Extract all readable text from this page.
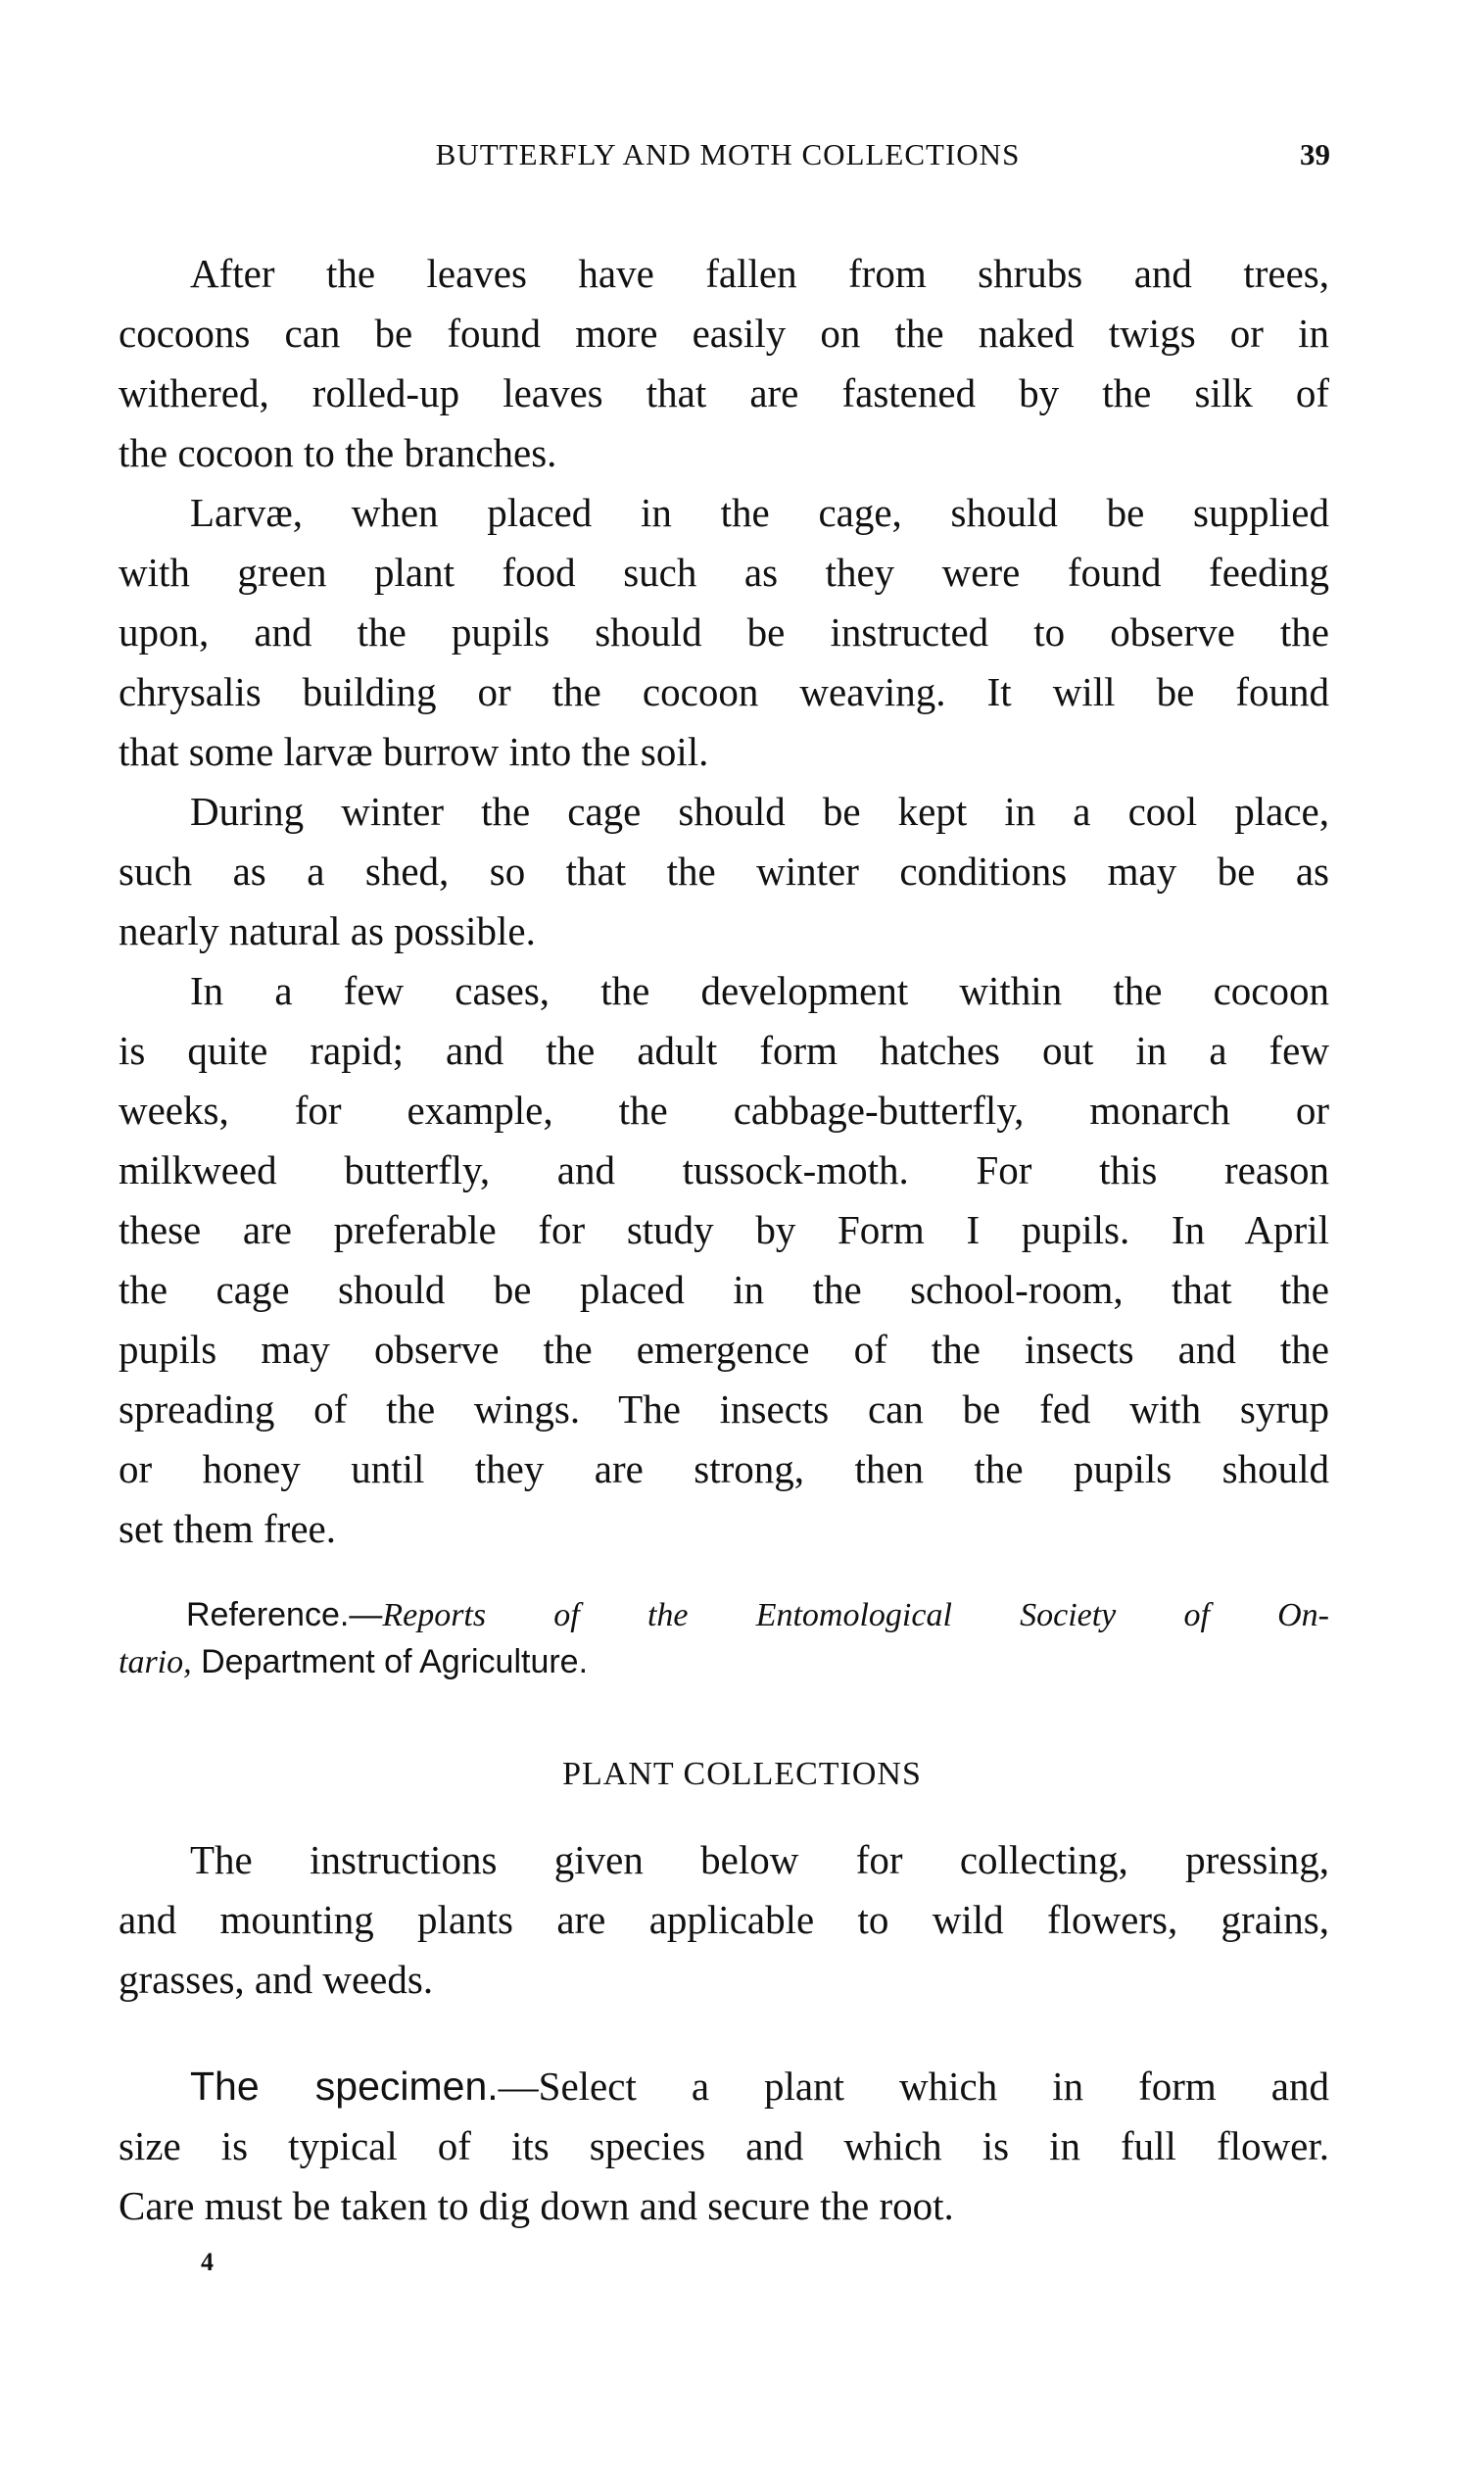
BUTTERFLY AND MOTH COLLECTIONS	39
After the leaves have fallen from shrubs and trees,
cocoons can be found more easily on the naked twigs or in
withered, rolled-up leaves that are fastened by the silk of
the cocoon to the branches.
Larvæ, when placed in the cage, should be supplied
with green plant food such as they were found feeding
upon, and the pupils should be instructed to observe the
chrysalis building or the cocoon weaving. It will be found
that some larvæ burrow into the soil.
During winter the cage should be kept in a cool place,
such as a shed, so that the winter conditions may be as
nearly natural as possible.
In a few cases, the development within the cocoon
is quite rapid; and the adult form hatches out in a few
weeks, for example, the cabbage-butterfly, monarch or
milkweed butterfly, and tussock-moth. For this reason
these are preferable for study by Form I pupils. In April
the cage should be placed in the school-room, that the
pupils may observe the emergence of the insects and the
spreading of the wings. The insects can be fed with syrup
or honey until they are strong, then the pupils should
set them free.
Reference.—Reports of the Entomological Society of On-
tario, Department of Agriculture.
PLANT COLLECTIONS
The instructions given below for collecting, pressing,
and mounting plants are applicable to wild flowers, grains,
grasses, and weeds.
The specimen.—Select a plant which in form and
size is typical of its species and which is in full flower.
Care must be taken to dig down and secure the root.
4
